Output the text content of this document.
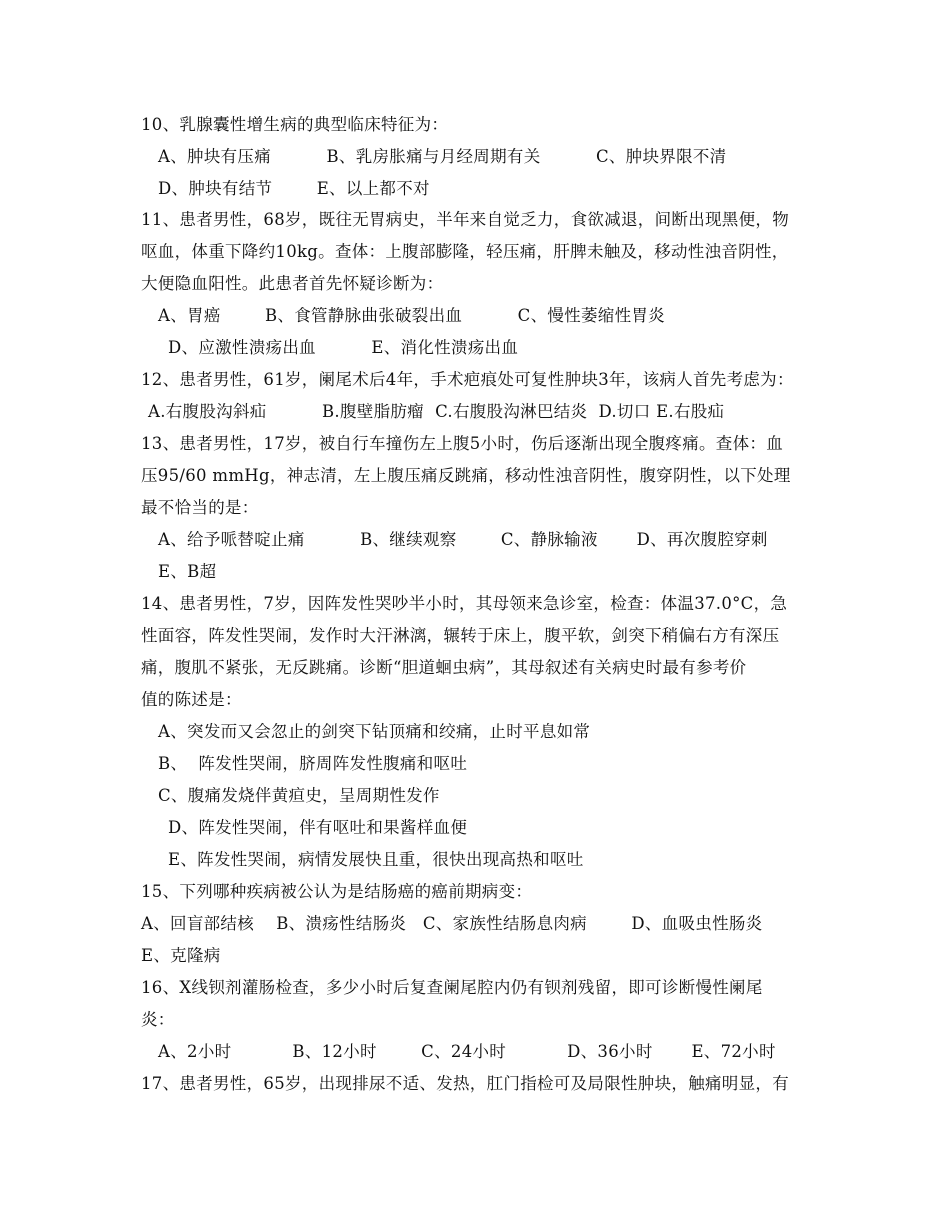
10、乳腺囊性增生病的典型临床特征为：
A、肿块有压痛          B、乳房胀痛与月经周期有关          C、肿块界限不清
D、肿块有结节        E、以上都不对
11、患者男性，68岁，既往无胃病史，半年来自觉乏力，食欲减退，间断出现黑便，物
呕血，体重下降约10kg。查体：上腹部膨隆，轻压痛，肝脾未触及，移动性浊音阴性，
大便隐血阳性。此患者首先怀疑诊断为：
A、胃癌        B、食管静脉曲张破裂出血          C、慢性萎缩性胃炎
D、应激性溃疡出血          E、消化性溃疡出血
12、患者男性，61岁，阑尾术后4年，手术疤痕处可复性肿块3年，该病人首先考虑为：
A.右腹股沟斜疝          B.腹壁脂肪瘤  C.右腹股沟淋巴结炎  D.切口 E.右股疝
13、患者男性，17岁，被自行车撞伤左上腹5小时，伤后逐渐出现全腹疼痛。查体：血
压95/60 mmHg，神志清，左上腹压痛反跳痛，移动性浊音阴性，腹穿阴性，以下处理
最不恰当的是：
A、给予哌替啶止痛          B、继续观察        C、静脉输液       D、再次腹腔穿刺
E、B超
14、患者男性，7岁，因阵发性哭吵半小时，其母领来急诊室，检查：体温37.0°C，急
性面容，阵发性哭闹，发作时大汗淋漓，辗转于床上，腹平软，剑突下稍偏右方有深压
痛，腹肌不紧张，无反跳痛。诊断“胆道蛔虫病”，其母叙述有关病史时最有参考价
值的陈述是：
A、突发而又会忽止的剑突下钻顶痛和绞痛，止时平息如常
B、  阵发性哭闹，脐周阵发性腹痛和呕吐
C、腹痛发烧伴黄疸史，呈周期性发作
D、阵发性哭闹，伴有呕吐和果酱样血便
E、阵发性哭闹，病情发展快且重，很快出现高热和呕吐
15、下列哪种疾病被公认为是结肠癌的癌前期病变：
A、回盲部结核    B、溃疡性结肠炎   C、家族性结肠息肉病        D、血吸虫性肠炎
E、克隆病
16、X线钡剂灌肠检查，多少小时后复查阑尾腔内仍有钡剂残留，即可诊断慢性阑尾
炎：
A、2小时           B、12小时        C、24小时           D、36小时       E、72小时
17、患者男性，65岁，出现排尿不适、发热，肛门指检可及局限性肿块，触痛明显，有
